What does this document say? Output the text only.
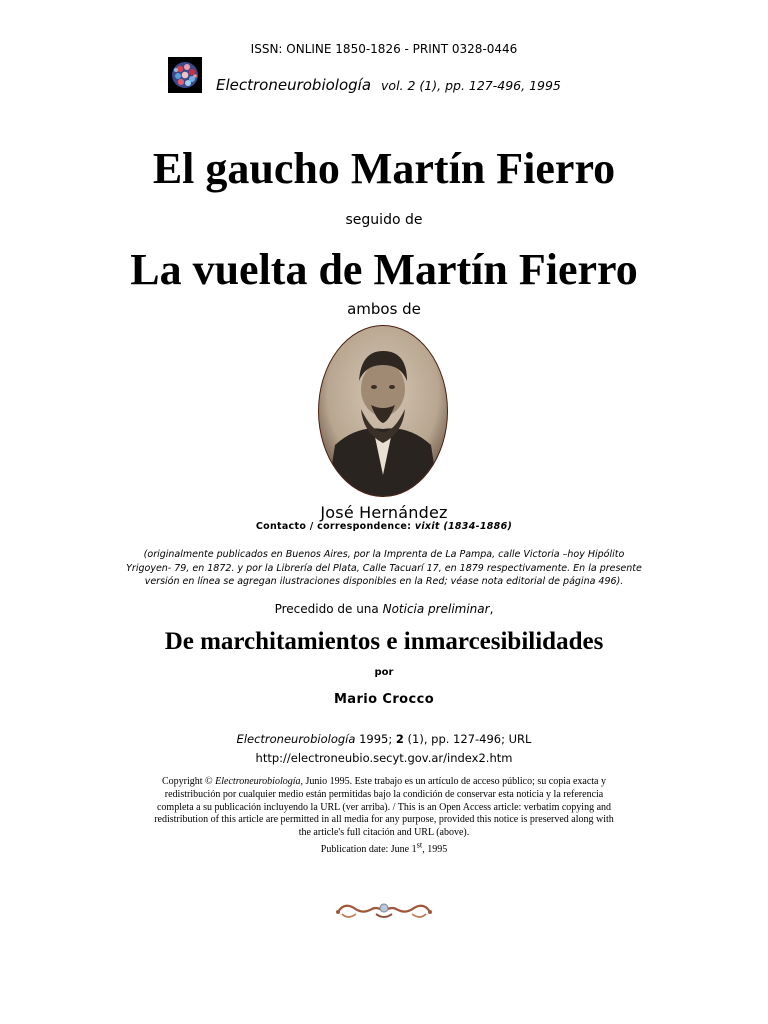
ISSN: ONLINE 1850-1826 - PRINT 0328-0446
Electroneurobiología vol. 2 (1), pp. 127-496, 1995
El gaucho Martín Fierro
seguido de
La vuelta de Martín Fierro
ambos de
José Hernández
Contacto / correspondence: vixit (1834-1886)
(originalmente publicados en Buenos Aires, por la Imprenta de La Pampa, calle Victoria –hoy Hipólito Yrigoyen- 79, en 1872. y por la Librería del Plata, Calle Tacuarí 17, en 1879 respectivamente. En la presente versión en línea se agregan ilustraciones disponibles en la Red; véase nota editorial de página 496).
Precedido de una Noticia preliminar,
De marchitamientos e inmarcesibilidades
por
Mario Crocco
Electroneurobiología 1995; 2 (1), pp. 127-496; URL
http://electroneubio.secyt.gov.ar/index2.htm
Copyright © Electroneurobiología, Junio 1995. Este trabajo es un artículo de acceso público; su copia exacta y redistribución por cualquier medio están permitidas bajo la condición de conservar esta noticia y la referencia completa a su publicación incluyendo la URL (ver arriba). / This is an Open Access article: verbatim copying and redistribution of this article are permitted in all media for any purpose, provided this notice is preserved along with the article's full citación and URL (above).
Publication date: June 1st, 1995
